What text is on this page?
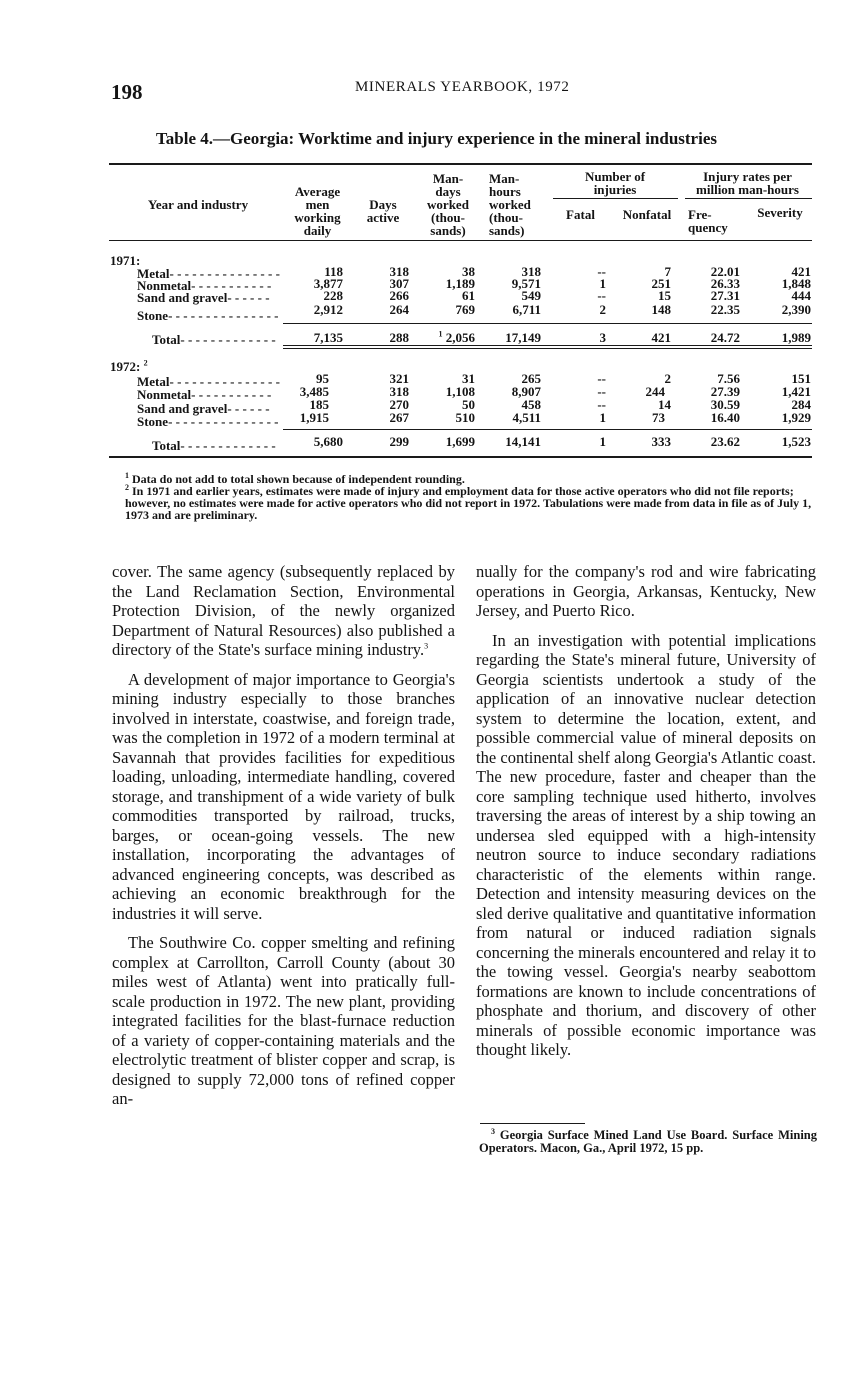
198	MINERALS YEARBOOK, 1972
Table 4.—Georgia: Worktime and injury experience in the mineral industries
Year and industry
Average
men
working
daily
Days
active
Man-
days
worked
(thou-
sands)
Man-
hours
worked
(thou-
sands)
Number of
injuries
Fatal	Nonfatal
Injury rates per
million man-hours
Fre-
quency
Severity
1971:
Metal- - - - - - - - - - - - - - -	118	318	38	318	--	7	22.01	421
Nonmetal- - - - - - - - - - -	3,877	307	1,189	9,571	1	251	26.33	1,848
Sand and gravel- - - - - -	228	266	61	549	--	15	27.31	444
Stone- - - - - - - - - - - - - - -	2,912	264	769	6,711	2	148	22.35	2,390
Total- - - - - - - - - - - - -	7,135	288	$^1$ 2,056	17,149	3	421	24.72	1,989
1972: $^2$
Metal- - - - - - - - - - - - - - -	95	321	31	265	--	2	7.56	151
Nonmetal- - - - - - - - - - -	3,485	318	1,108	8,907	--	244	27.39	1,421
Sand and gravel- - - - - -	185	270	50	458	--	14	30.59	284
Stone- - - - - - - - - - - - - - -	1,915	267	510	4,511	1	73	16.40	1,929
Total- - - - - - - - - - - - -	5,680	299	1,699	14,141	1	333	23.62	1,523

$^1$ Data do not add to total shown because of independent rounding.

$^2$ In 1971 and earlier years, estimates were made of injury and employment data for those active operators who did not file reports; however, no estimates were made for active operators who did not report in 1972. Tabulations were made from data in file as of July 1, 1973 and are preliminary.

cover. The same agency (subsequently replaced by the Land Reclamation Section, Environmental Protection Division, of the newly organized Department of Natural Resources) also published a directory of the State's surface mining industry.$^3$

A development of major importance to Georgia's mining industry especially to those branches involved in interstate, coastwise, and foreign trade, was the completion in 1972 of a modern terminal at Savannah that provides facilities for expeditious loading, unloading, intermediate handling, covered storage, and transhipment of a wide variety of bulk commodities transported by railroad, trucks, barges, or ocean-going vessels. The new installation, incorporating the advantages of advanced engineering concepts, was described as achieving an economic breakthrough for the industries it will serve.

The Southwire Co. copper smelting and refining complex at Carrollton, Carroll County (about 30 miles west of Atlanta) went into pratically full-scale production in 1972. The new plant, providing integrated facilities for the blast-furnace reduction of a variety of copper-containing materials and the electrolytic treatment of blister copper and scrap, is designed to supply 72,000 tons of refined copper an-

nually for the company's rod and wire fabricating operations in Georgia, Arkansas, Kentucky, New Jersey, and Puerto Rico.

In an investigation with potential implications regarding the State's mineral future, University of Georgia scientists undertook a study of the application of an innovative nuclear detection system to determine the location, extent, and possible commercial value of mineral deposits on the continental shelf along Georgia's Atlantic coast. The new procedure, faster and cheaper than the core sampling technique used hitherto, involves traversing the areas of interest by a ship towing an undersea sled equipped with a high-intensity neutron source to induce secondary radiations characteristic of the elements within range. Detection and intensity measuring devices on the sled derive qualitative and quantitative information from natural or induced radiation signals concerning the minerals encountered and relay it to the towing vessel. Georgia's nearby seabottom formations are known to include concentrations of phosphate and thorium, and discovery of other minerals of possible economic importance was thought likely.

$^3$ Georgia Surface Mined Land Use Board. Surface Mining Operators. Macon, Ga., April 1972, 15 pp.
